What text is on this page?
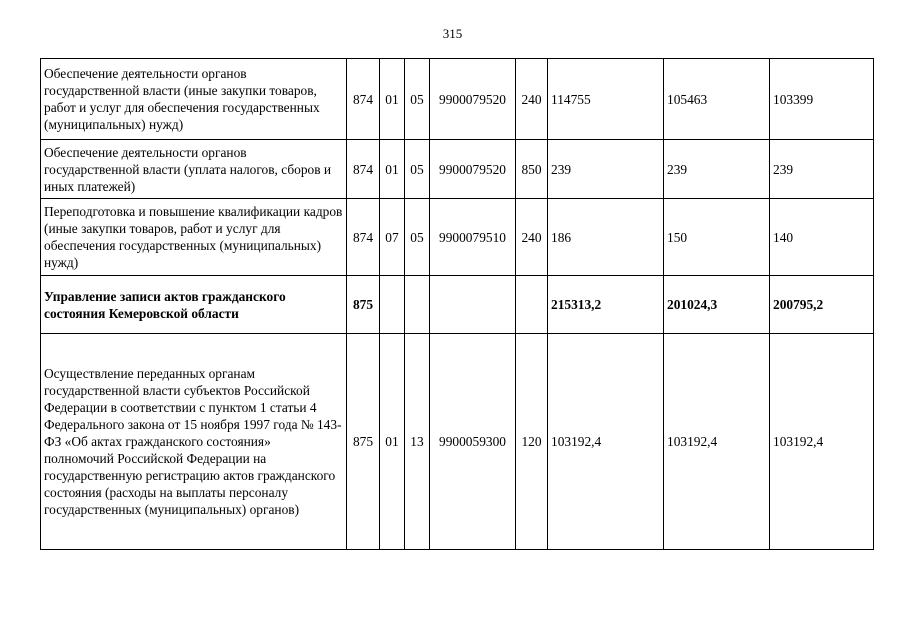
315
Обеспечение деятельности органов государственной власти (иные закупки товаров, работ и услуг для обеспечения государственных (муниципальных) нужд)	874	01	05	9900079520	240	114755	105463	103399
Обеспечение деятельности органов государственной власти (уплата налогов, сборов и иных платежей)	874	01	05	9900079520	850	239	239	239
Переподготовка и повышение квалификации кадров (иные закупки товаров, работ и услуг для обеспечения государственных (муниципальных) нужд)	874	07	05	9900079510	240	186	150	140
Управление записи актов гражданского состояния Кемеровской области	875					215313,2	201024,3	200795,2
Осуществление переданных органам государственной власти субъектов Российской Федерации в соответствии с пунктом 1 статьи 4 Федерального закона от 15 ноября 1997 года № 143-ФЗ «Об актах гражданского состояния» полномочий Российской Федерации на государственную регистрацию актов гражданского состояния (расходы на выплаты персоналу государственных (муниципальных) органов)	875	01	13	9900059300	120	103192,4	103192,4	103192,4
